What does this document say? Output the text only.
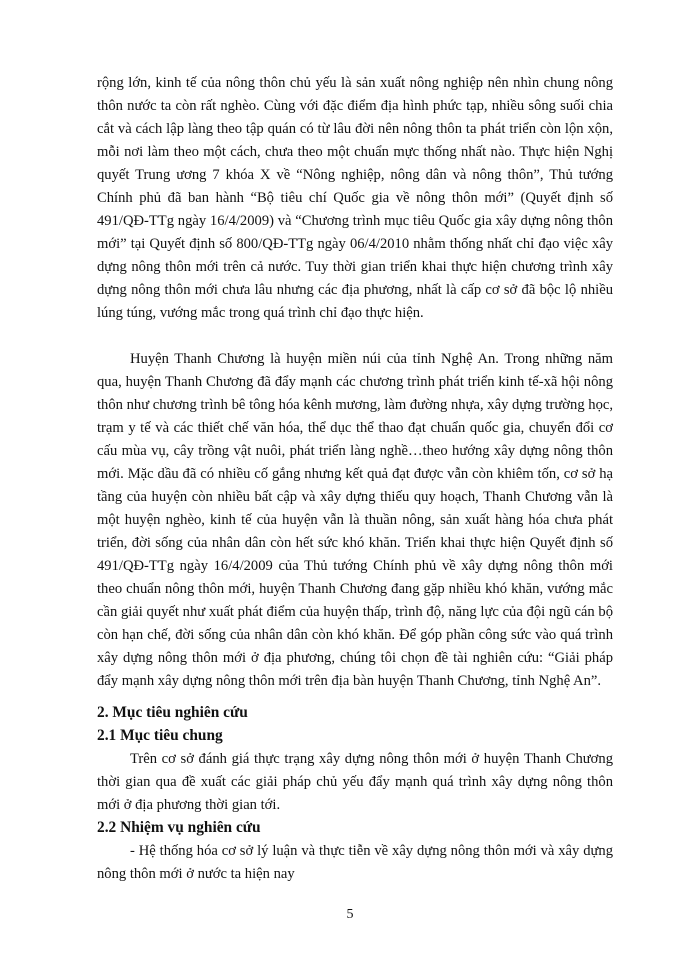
rộng lớn, kinh tế của nông thôn chủ yếu là sản xuất nông nghiệp nên nhìn chung nông thôn nước ta còn rất nghèo. Cùng với đặc điểm địa hình phức tạp, nhiều sông suối chia cắt và cách lập làng theo tập quán có từ lâu đời nên nông thôn ta phát triển còn lộn xộn, mỗi nơi làm theo một cách, chưa theo một chuẩn mực thống nhất nào. Thực hiện Nghị quyết Trung ương 7 khóa X về “Nông nghiệp, nông dân và nông thôn”, Thủ tướng Chính phủ đã ban hành “Bộ tiêu chí Quốc gia về nông thôn mới” (Quyết định số 491/QĐ-TTg ngày 16/4/2009) và “Chương trình mục tiêu Quốc gia xây dựng nông thôn mới” tại Quyết định số 800/QĐ-TTg ngày 06/4/2010 nhằm thống nhất chỉ đạo việc xây dựng nông thôn mới trên cả nước. Tuy thời gian triển khai thực hiện chương trình xây dựng nông thôn mới chưa lâu nhưng các địa phương, nhất là cấp cơ sở đã bộc lộ nhiều lúng túng, vướng mắc trong quá trình chỉ đạo thực hiện.

Huyện Thanh Chương là huyện miền núi của tỉnh Nghệ An. Trong những năm qua, huyện Thanh Chương đã đẩy mạnh các chương trình phát triển kinh tế-xã hội nông thôn như chương trình bê tông hóa kênh mương, làm đường nhựa, xây dựng trường học, trạm y tế và các thiết chế văn hóa, thể dục thể thao đạt chuẩn quốc gia, chuyển đổi cơ cấu mùa vụ, cây trồng vật nuôi, phát triển làng nghề…theo hướng xây dựng nông thôn mới. Mặc dầu đã có nhiều cố gắng nhưng kết quả đạt được vẫn còn khiêm tốn, cơ sở hạ tầng của huyện còn nhiều bất cập và xây dựng thiếu quy hoạch, Thanh Chương vẫn là một huyện nghèo, kinh tế của huyện vẫn là thuần nông, sản xuất hàng hóa chưa phát triển, đời sống của nhân dân còn hết sức khó khăn. Triển khai thực hiện Quyết định số 491/QĐ-TTg ngày 16/4/2009 của Thủ tướng Chính phủ về xây dựng nông thôn mới theo chuẩn nông thôn mới, huyện Thanh Chương đang gặp nhiều khó khăn, vướng mắc cần giải quyết như xuất phát điểm của huyện thấp, trình độ, năng lực của đội ngũ cán bộ còn hạn chế, đời sống của nhân dân còn khó khăn. Để góp phần công sức vào quá trình xây dựng nông thôn mới ở địa phương, chúng tôi chọn đề tài nghiên cứu: “Giải pháp đẩy mạnh xây dựng nông thôn mới trên địa bàn huyện Thanh Chương, tỉnh Nghệ An”.

2. Mục tiêu nghiên cứu
2.1 Mục tiêu chung

Trên cơ sở đánh giá thực trạng xây dựng nông thôn mới ở huyện Thanh Chương thời gian qua đề xuất các giải pháp chủ yếu đẩy mạnh quá trình xây dựng nông thôn mới ở địa phương thời gian tới.

2.2 Nhiệm vụ nghiên cứu

- Hệ thống hóa cơ sở lý luận và thực tiễn về xây dựng nông thôn mới và xây dựng nông thôn mới ở nước ta hiện nay

5
